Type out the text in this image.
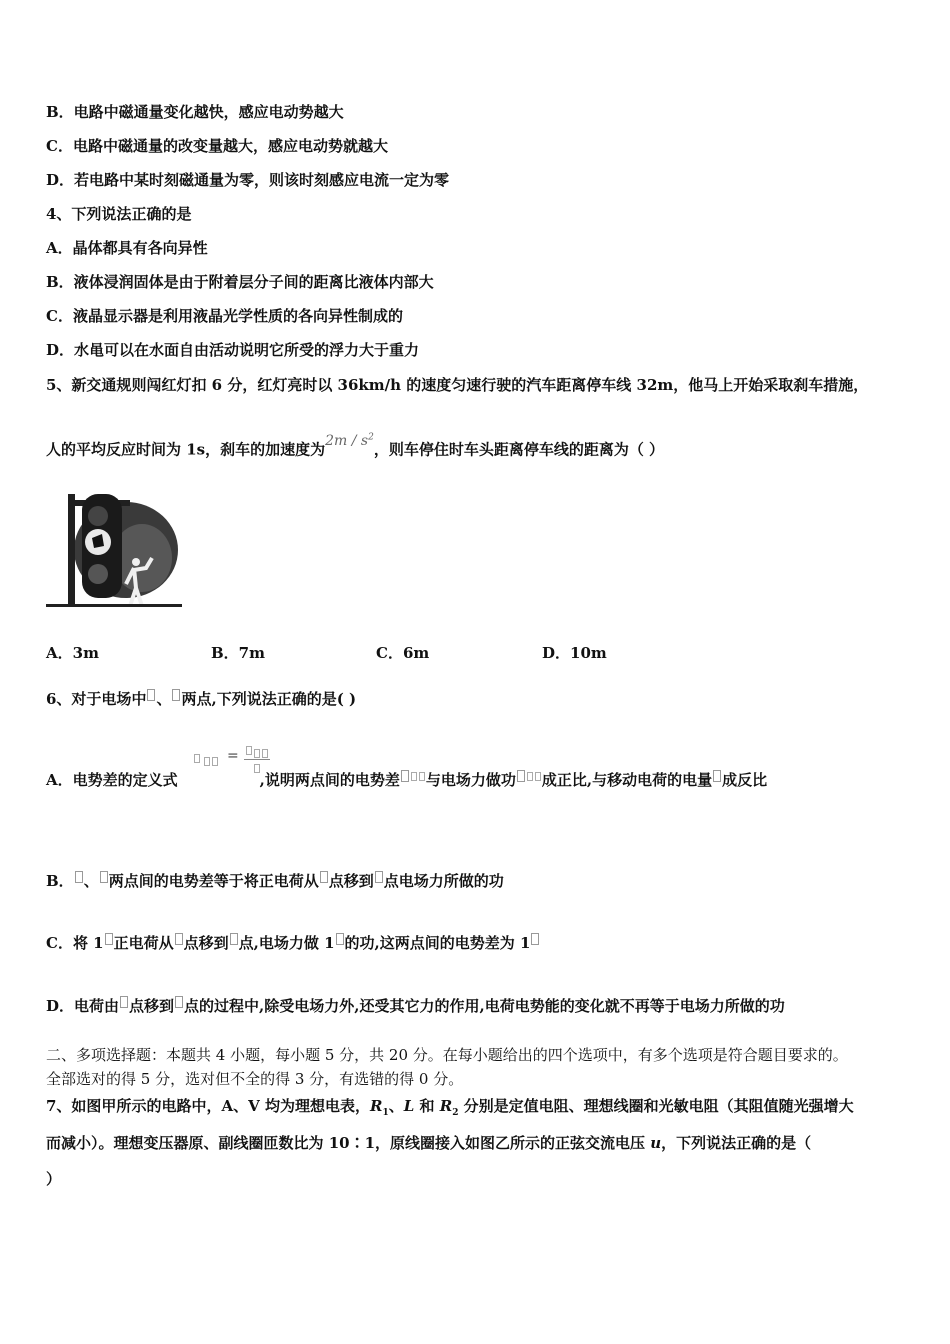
B．电路中磁通量变化越快，感应电动势越大
C．电路中磁通量的改变量越大，感应电动势就越大
D．若电路中某时刻磁通量为零，则该时刻感应电流一定为零
4、下列说法正确的是
A．晶体都具有各向异性
B．液体浸润固体是由于附着层分子间的距离比液体内部大
C．液晶显示器是利用液晶光学性质的各向异性制成的
D．水黾可以在水面自由活动说明它所受的浮力大于重力
5、新交通规则闯红灯扣 6 分，红灯亮时以 36km/h 的速度匀速行驶的汽车距离停车线 32m，他马上开始采取刹车措施，
人的平均反应时间为 1s，刹车的加速度为$2m / s^2$，则车停住时车头距离停车线的距离为（ ）
A．3m	B．7m	C．6m	D．10m
6、对于电场中 、 两点,下列说法正确的是( )
=
A．电势差的定义式	,说明两点间的电势差 与电场力做功 成正比,与移动电荷的电量 成反比
B． 、 两点间的电势差等于将正电荷从 点移到 点电场力所做的功
C．将 1 正电荷从 点移到 点,电场力做 1 的功,这两点间的电势差为 1
D．电荷由 点移到 点的过程中,除受电场力外,还受其它力的作用,电荷电势能的变化就不再等于电场力所做的功
二、多项选择题：本题共 4 小题，每小题 5 分，共 20 分。在每小题给出的四个选项中，有多个选项是符合题目要求的。
全部选对的得 5 分，选对但不全的得 3 分，有选错的得 0 分。
7、如图甲所示的电路中，A、V 均为理想电表，$R_1$、L 和 $R_2$ 分别是定值电阻、理想线圈和光敏电阻（其阻值随光强增大
而减小）。理想变压器原、副线圈匝数比为 10∶1，原线圈接入如图乙所示的正弦交流电压 u，下列说法正确的是（
）
